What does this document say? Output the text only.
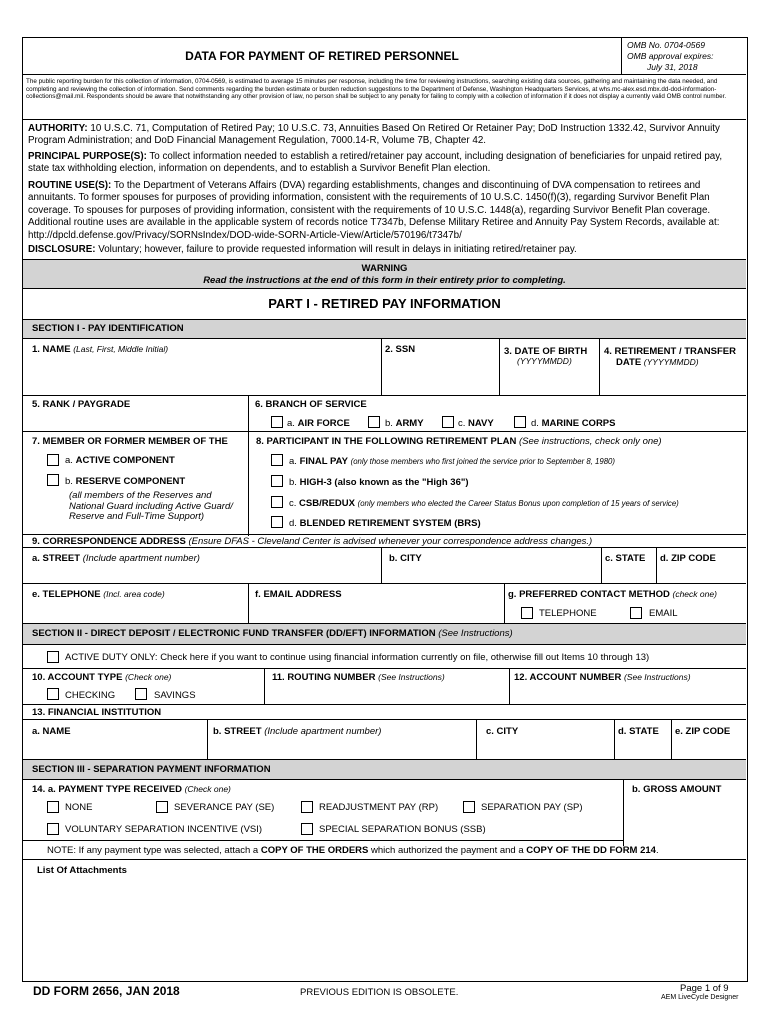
DATA FOR PAYMENT OF RETIRED PERSONNEL
OMB No. 0704-0569
OMB approval expires:
July 31, 2018
The public reporting burden for this collection of information, 0704-0569, is estimated to average 15 minutes per response, including the time for reviewing instructions, searching existing data sources, gathering and maintaining the data needed, and completing and reviewing the collection of information. Send comments regarding the burden estimate or burden reduction suggestions to the Department of Defense, Washington Headquarters Services, at whs.mc-alex.esd.mbx.dd-dod-information-collections@mail.mil. Respondents should be aware that notwithstanding any other provision of law, no person shall be subject to any penalty for failing to comply with a collection of information if it does not display a currently valid OMB control number.
AUTHORITY: 10 U.S.C. 71, Computation of Retired Pay; 10 U.S.C. 73, Annuities Based On Retired Or Retainer Pay; DoD Instruction 1332.42, Survivor Annuity Program Administration; and DoD Financial Management Regulation, 7000.14-R, Volume 7B, Chapter 42.
PRINCIPAL PURPOSE(S): To collect information needed to establish a retired/retainer pay account, including designation of beneficiaries for unpaid retired pay, state tax withholding election, information on dependents, and to establish a Survivor Benefit Plan election.
ROUTINE USE(S): To the Department of Veterans Affairs (DVA) regarding establishments, changes and discontinuing of DVA compensation to retirees and annuitants. To former spouses for purposes of providing information, consistent with the requirements of 10 U.S.C. 1450(f)(3), regarding Survivor Benefit Plan coverage. To spouses for purposes of providing information, consistent with the requirements of 10 U.S.C. 1448(a), regarding Survivor Benefit Plan coverage. Additional routine uses are available in the applicable system of records notice T7347b, Defense Military Retiree and Annuity Pay System Records, available at: http://dpcld.defense.gov/Privacy/SORNsIndex/DOD-wide-SORN-Article-View/Article/570196/t7347b/
DISCLOSURE: Voluntary; however, failure to provide requested information will result in delays in initiating retired/retainer pay.
WARNING
Read the instructions at the end of this form in their entirety prior to completing.
PART I - RETIRED PAY INFORMATION
SECTION I - PAY IDENTIFICATION
1. NAME (Last, First, Middle Initial)	2. SSN	3. DATE OF BIRTH
(YYYYMMDD)
4. RETIREMENT / TRANSFER
DATE (YYYYMMDD)
5. RANK / PAYGRADE	6. BRANCH OF SERVICE
a. AIR FORCE	b. ARMY	c. NAVY	d. MARINE CORPS
7. MEMBER OR FORMER MEMBER OF THE
a. ACTIVE COMPONENT
b. RESERVE COMPONENT
(all members of the Reserves and National Guard including Active Guard/ Reserve and Full-Time Support)
8. PARTICIPANT IN THE FOLLOWING RETIREMENT PLAN (See instructions, check only one)
a. FINAL PAY (only those members who first joined the service prior to September 8, 1980)
b. HIGH-3 (also known as the "High 36")
c. CSB/REDUX (only members who elected the Career Status Bonus upon completion of 15 years of service)
d. BLENDED RETIREMENT SYSTEM (BRS)
9. CORRESPONDENCE ADDRESS (Ensure DFAS - Cleveland Center is advised whenever your correspondence address changes.)
a. STREET (Include apartment number)	b. CITY	c. STATE d. ZIP CODE
e. TELEPHONE (Incl. area code)	f. EMAIL ADDRESS	g. PREFERRED CONTACT METHOD (check one)
TELEPHONE	EMAIL
SECTION II - DIRECT DEPOSIT / ELECTRONIC FUND TRANSFER (DD/EFT) INFORMATION (See Instructions)
ACTIVE DUTY ONLY: Check here if you want to continue using financial information currently on file, otherwise fill out Items 10 through 13)
10. ACCOUNT TYPE (Check one)
CHECKING	SAVINGS
11. ROUTING NUMBER (See Instructions)	12. ACCOUNT NUMBER (See Instructions)
13. FINANCIAL INSTITUTION
a. NAME	b. STREET (Include apartment number)	c. CITY	d. STATE e. ZIP CODE
SECTION III - SEPARATION PAYMENT INFORMATION
14. a. PAYMENT TYPE RECEIVED (Check one)	b. GROSS AMOUNT
NONE	SEVERANCE PAY (SE)	READJUSTMENT PAY (RP)	SEPARATION PAY (SP)
VOLUNTARY SEPARATION INCENTIVE (VSI)	SPECIAL SEPARATION BONUS (SSB)
NOTE: If any payment type was selected, attach a COPY OF THE ORDERS which authorized the payment and a COPY OF THE DD FORM 214.
List Of Attachments
DD FORM 2656, JAN 2018	PREVIOUS EDITION IS OBSOLETE.	Page 1 of 9
AEM LiveCycle Designer
